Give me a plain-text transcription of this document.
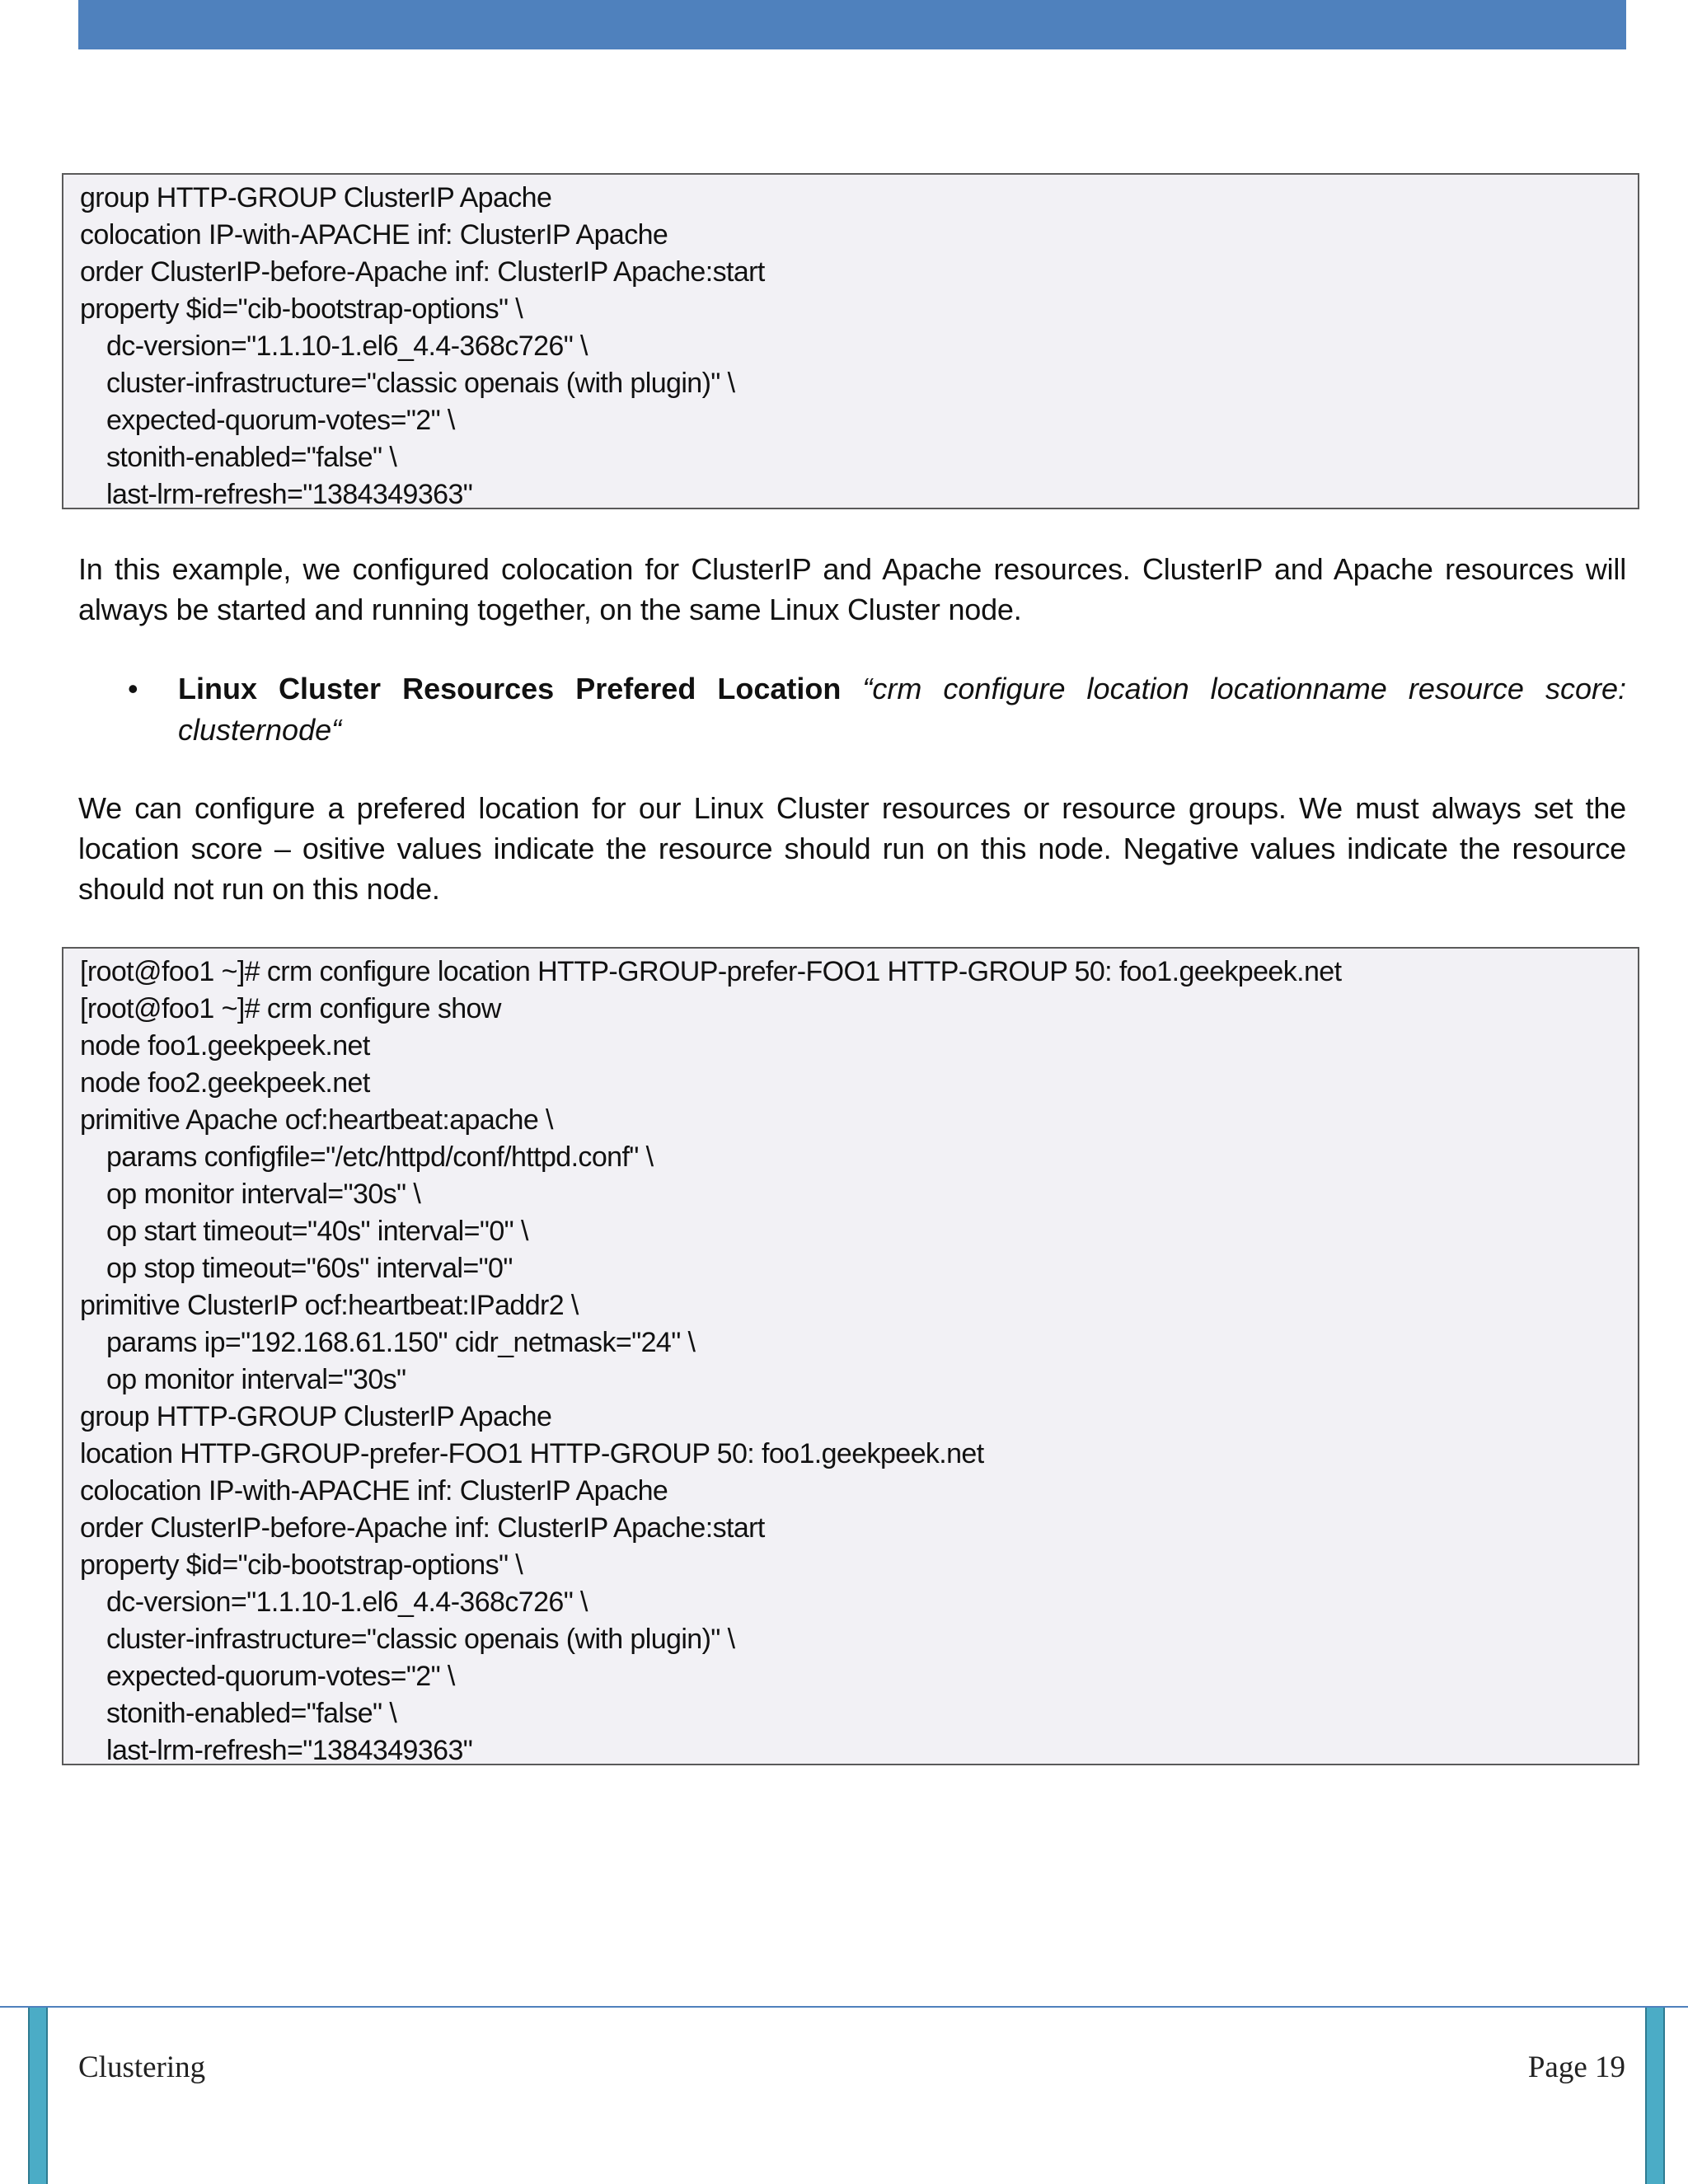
group HTTP-GROUP ClusterIP Apache
colocation IP-with-APACHE inf: ClusterIP Apache
order ClusterIP-before-Apache inf: ClusterIP Apache:start
property $id="cib-bootstrap-options" \
dc-version="1.1.10-1.el6_4.4-368c726" \
cluster-infrastructure="classic openais (with plugin)" \
expected-quorum-votes="2" \
stonith-enabled="false" \
last-lrm-refresh="1384349363"
In this example, we configured colocation for ClusterIP and Apache resources. ClusterIP and Apache resources will always be started and running together, on the same Linux Cluster node.
• Linux Cluster Resources Prefered Location “crm configure location locationname resource score: clusternode“
We can configure a prefered location for our Linux Cluster resources or resource groups. We must always set the location score – ositive values indicate the resource should run on this node. Negative values indicate the resource should not run on this node.
[root@foo1 ~]# crm configure location HTTP-GROUP-prefer-FOO1 HTTP-GROUP 50: foo1.geekpeek.net
[root@foo1 ~]# crm configure show
node foo1.geekpeek.net
node foo2.geekpeek.net
primitive Apache ocf:heartbeat:apache \
params configfile="/etc/httpd/conf/httpd.conf" \
op monitor interval="30s" \
op start timeout="40s" interval="0" \
op stop timeout="60s" interval="0"
primitive ClusterIP ocf:heartbeat:IPaddr2 \
params ip="192.168.61.150" cidr_netmask="24" \
op monitor interval="30s"
group HTTP-GROUP ClusterIP Apache
location HTTP-GROUP-prefer-FOO1 HTTP-GROUP 50: foo1.geekpeek.net
colocation IP-with-APACHE inf: ClusterIP Apache
order ClusterIP-before-Apache inf: ClusterIP Apache:start
property $id="cib-bootstrap-options" \
dc-version="1.1.10-1.el6_4.4-368c726" \
cluster-infrastructure="classic openais (with plugin)" \
expected-quorum-votes="2" \
stonith-enabled="false" \
last-lrm-refresh="1384349363"
Clustering	Page 19
